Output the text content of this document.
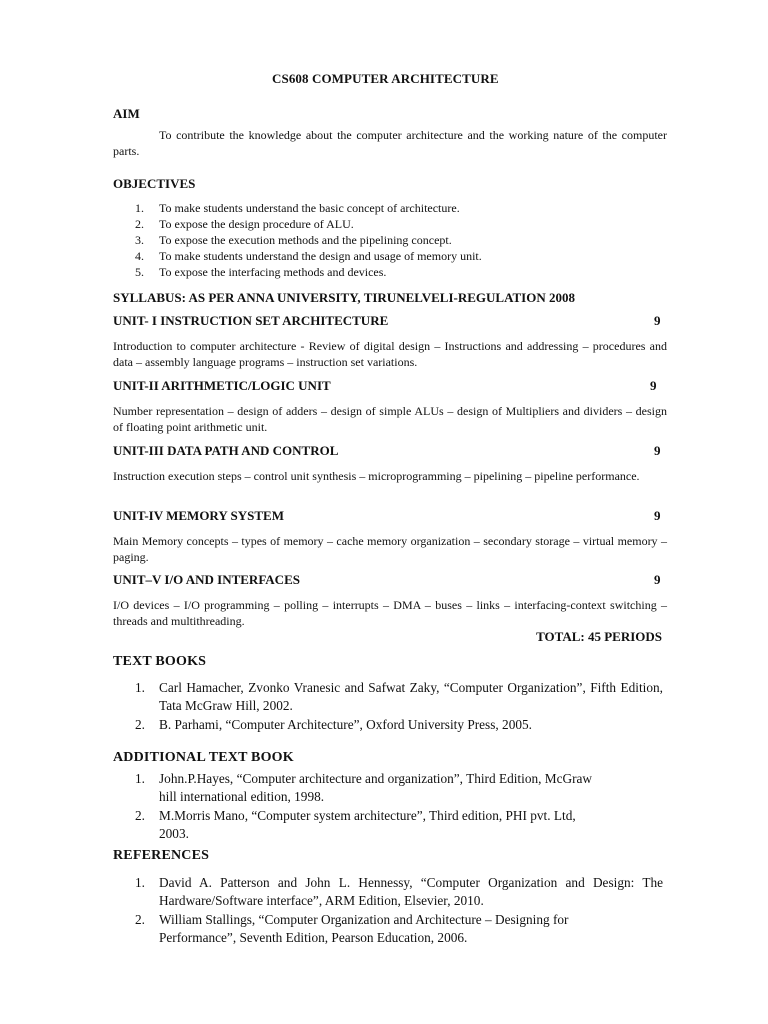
CS608 COMPUTER ARCHITECTURE
AIM
To contribute the knowledge about the computer architecture and the working nature of the computer parts.
OBJECTIVES
1. To make students understand the basic concept of architecture.
2. To expose the design procedure of ALU.
3. To expose the execution methods and the pipelining concept.
4. To make students understand the design and usage of memory unit.
5. To expose the interfacing methods and devices.
SYLLABUS: AS PER ANNA UNIVERSITY, TIRUNELVELI-REGULATION 2008
UNIT- I INSTRUCTION SET ARCHITECTURE	9
Introduction to computer architecture - Review of digital design – Instructions and addressing – procedures and data – assembly language programs – instruction set variations.
UNIT-II ARITHMETIC/LOGIC UNIT	9
Number representation – design of adders – design of simple ALUs – design of Multipliers and dividers – design of floating point arithmetic unit.
UNIT-III DATA PATH AND CONTROL	9
Instruction execution steps – control unit synthesis – microprogramming – pipelining – pipeline performance.
UNIT-IV MEMORY SYSTEM	9
Main Memory concepts – types of memory – cache memory organization – secondary storage – virtual memory – paging.
UNIT–V I/O AND INTERFACES	9
I/O devices – I/O programming – polling – interrupts – DMA – buses – links – interfacing-context switching – threads and multithreading.
TOTAL: 45 PERIODS
TEXT BOOKS
1. Carl Hamacher, Zvonko Vranesic and Safwat Zaky, “Computer Organization”, Fifth Edition, Tata McGraw Hill, 2002.
2. B. Parhami, “Computer Architecture”, Oxford University Press, 2005.
ADDITIONAL TEXT BOOK
1. John.P.Hayes, “Computer architecture and organization”, Third Edition, McGraw
hill international edition, 1998.
2. M.Morris Mano, “Computer system architecture”, Third edition, PHI pvt. Ltd,
2003.
REFERENCES
1. David A. Patterson and John L. Hennessy, “Computer Organization and Design: The Hardware/Software interface”, ARM Edition, Elsevier, 2010.
2. William Stallings, “Computer Organization and Architecture – Designing for
Performance”, Seventh Edition, Pearson Education, 2006.
